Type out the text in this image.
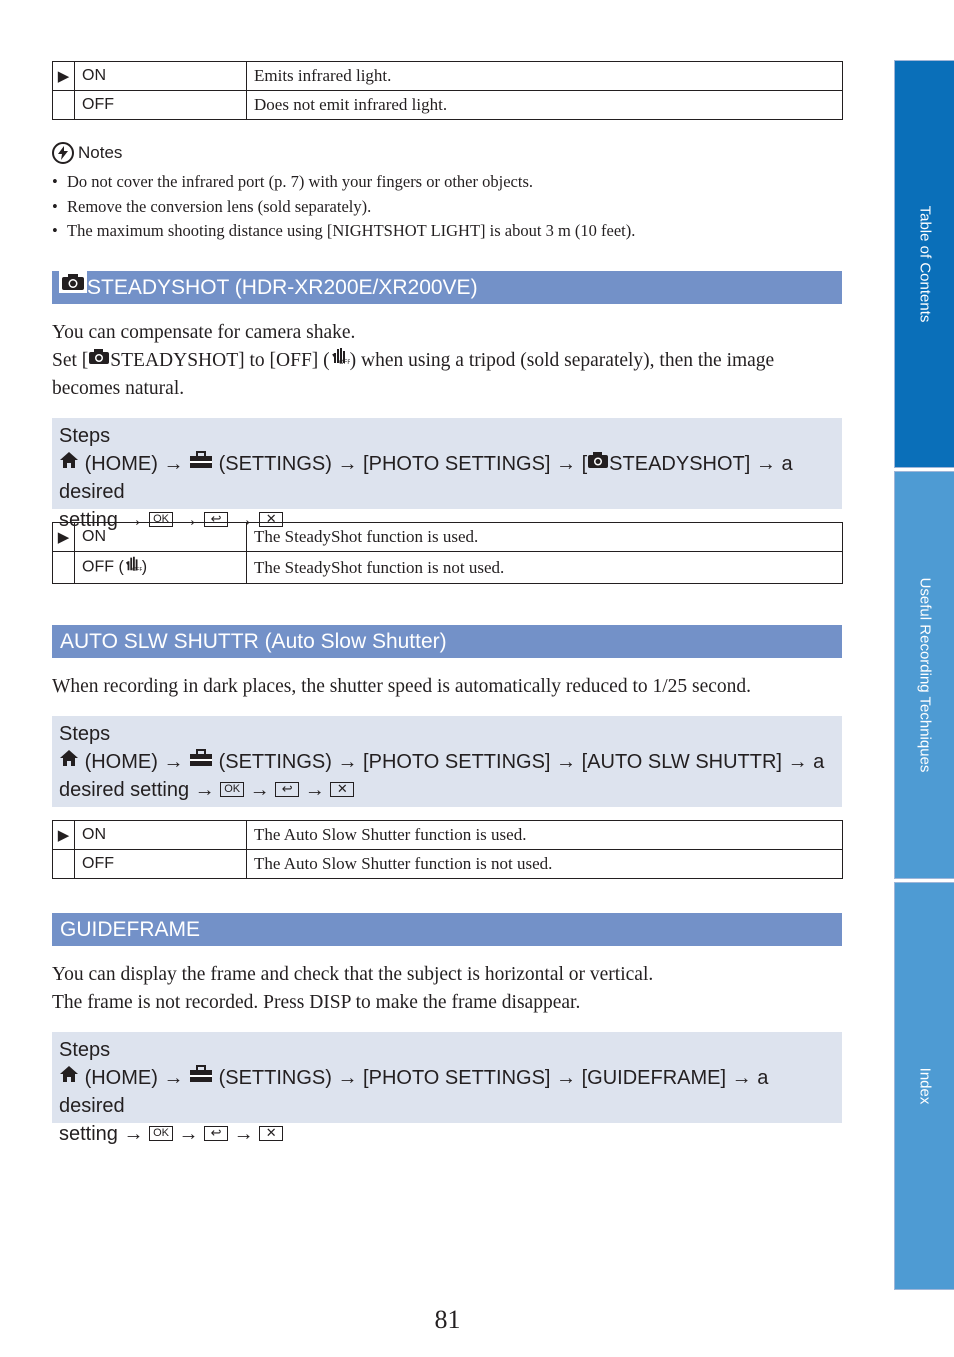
▶	ON	Emits infrared light.
	OFF	Does not emit infrared light.
Notes
• Do not cover the infrared port (p. 7) with your fingers or other objects.
• Remove the conversion lens (sold separately).
• The maximum shooting distance using [NIGHTSHOT LIGHT] is about 3 m (10 feet).
STEADYSHOT (HDR-XR200E/XR200VE)

You can compensate for camera shake.

Set [ STEADYSHOT] to [OFF] ( OFF ) when using a tripod (sold separately), then the image

becomes natural.

Steps
(HOME) → (SETTINGS) → [PHOTO SETTINGS] → [ STEADYSHOT] → a desired
setting → OK → ↩ → ✕
▶	ON	The SteadyShot function is used.
	OFF ( OFF )	The SteadyShot function is not used.
AUTO SLW SHUTTR (Auto Slow Shutter)

When recording in dark places, the shutter speed is automatically reduced to 1/25 second.

Steps
(HOME) → (SETTINGS) → [PHOTO SETTINGS] → [AUTO SLW SHUTTR] → a
desired setting → OK → ↩ → ✕
▶	ON	The Auto Slow Shutter function is used.
	OFF	The Auto Slow Shutter function is not used.
GUIDEFRAME

You can display the frame and check that the subject is horizontal or vertical.

The frame is not recorded. Press DISP to make the frame disappear.

Steps
(HOME) → (SETTINGS) → [PHOTO SETTINGS] → [GUIDEFRAME] → a desired
setting → OK → ↩ → ✕
Table of Contents
Useful Recording Techniques
Index
81
